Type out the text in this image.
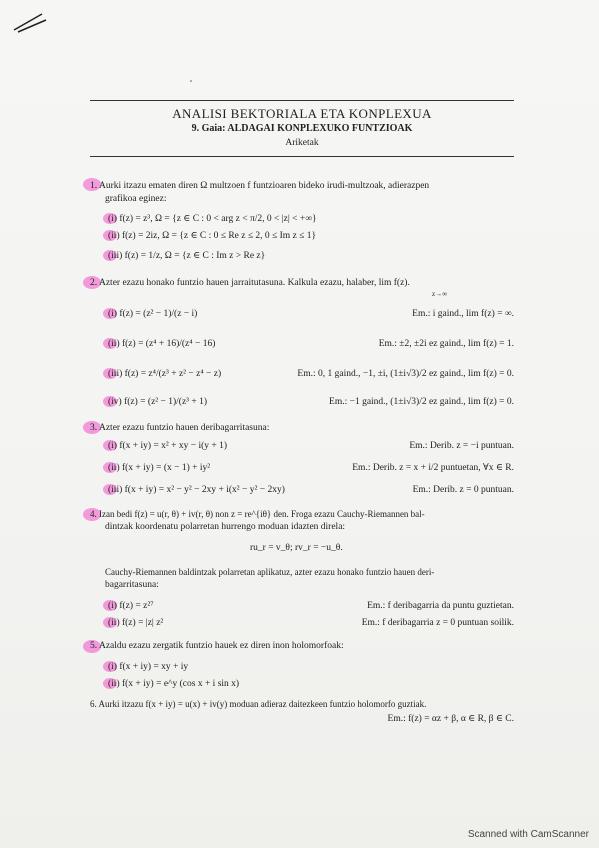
ANALISI BEKTORIALA ETA KONPLEXUA
9. Gaia: ALDAGAI KONPLEXUKO FUNTZIOAK
Ariketak
1. Aurki itzazu ematen diren Ω multzoen f funtzioaren bideko irudi-multzoak, adierazpen
grafikoa eginez:
(i) f(z) = z³, Ω = {z ∈ C : 0 < arg z < π/2, 0 < |z| < +∞}
(ii) f(z) = 2iz, Ω = {z ∈ C : 0 ≤ Re z ≤ 2, 0 ≤ Im z ≤ 1}
(iii) f(z) = 1/z, Ω = {z ∈ C : Im z > Re z}
2. Azter ezazu honako funtzio hauen jarraitutasuna. Kalkula ezazu, halaber, lim f(z).
z→∞
(i) f(z) = (z² − 1)/(z − i)	Em.: i gaind., lim f(z) = ∞.
(ii) f(z) = (z⁴ + 16)/(z⁴ − 16)	Em.: ±2, ±2i ez gaind., lim f(z) = 1.
(iii) f(z) = z⁴/(z³ + z² − z⁴ − z)	Em.: 0, 1 gaind., −1, ±i, (1±i√3)/2 ez gaind., lim f(z) = 0.
(iv) f(z) = (z² − 1)/(z³ + 1)	Em.: −1 gaind., (1±i√3)/2 ez gaind., lim f(z) = 0.
3. Azter ezazu funtzio hauen deribagarritasuna:
(i) f(x + iy) = x² + xy − i(y + 1)	Em.: Derib. z = −i puntuan.
(ii) f(x + iy) = (x − 1) + iy²	Em.: Derib. z = x + i/2 puntuetan, ∀x ∈ R.
(iii) f(x + iy) = x² − y² − 2xy + i(x² − y² − 2xy)	Em.: Derib. z = 0 puntuan.
4. Izan bedi f(z) = u(r, θ) + iv(r, θ) non z = re^{iθ} den. Froga ezazu Cauchy-Riemannen bal-
dintzak koordenatu polarretan hurrengo moduan idazten direla:
ru_r = v_θ; rv_r = −u_θ.
Cauchy-Riemannen baldintzak polarretan aplikatuz, azter ezazu honako funtzio hauen deri-
bagarritasuna:
(i) f(z) = z²⁷	Em.: f deribagarria da puntu guztietan.
(ii) f(z) = |z| z²	Em.: f deribagarria z = 0 puntuan soilik.
5. Azaldu ezazu zergatik funtzio hauek ez diren inon holomorfoak:
(i) f(x + iy) = xy + iy
(ii) f(x + iy) = e^y (cos x + i sin x)
6. Aurki itzazu f(x + iy) = u(x) + iv(y) moduan adieraz daitezkeen funtzio holomorfo guztiak.
Em.: f(z) = αz + β, α ∈ R, β ∈ C.
Scanned with CamScanner
